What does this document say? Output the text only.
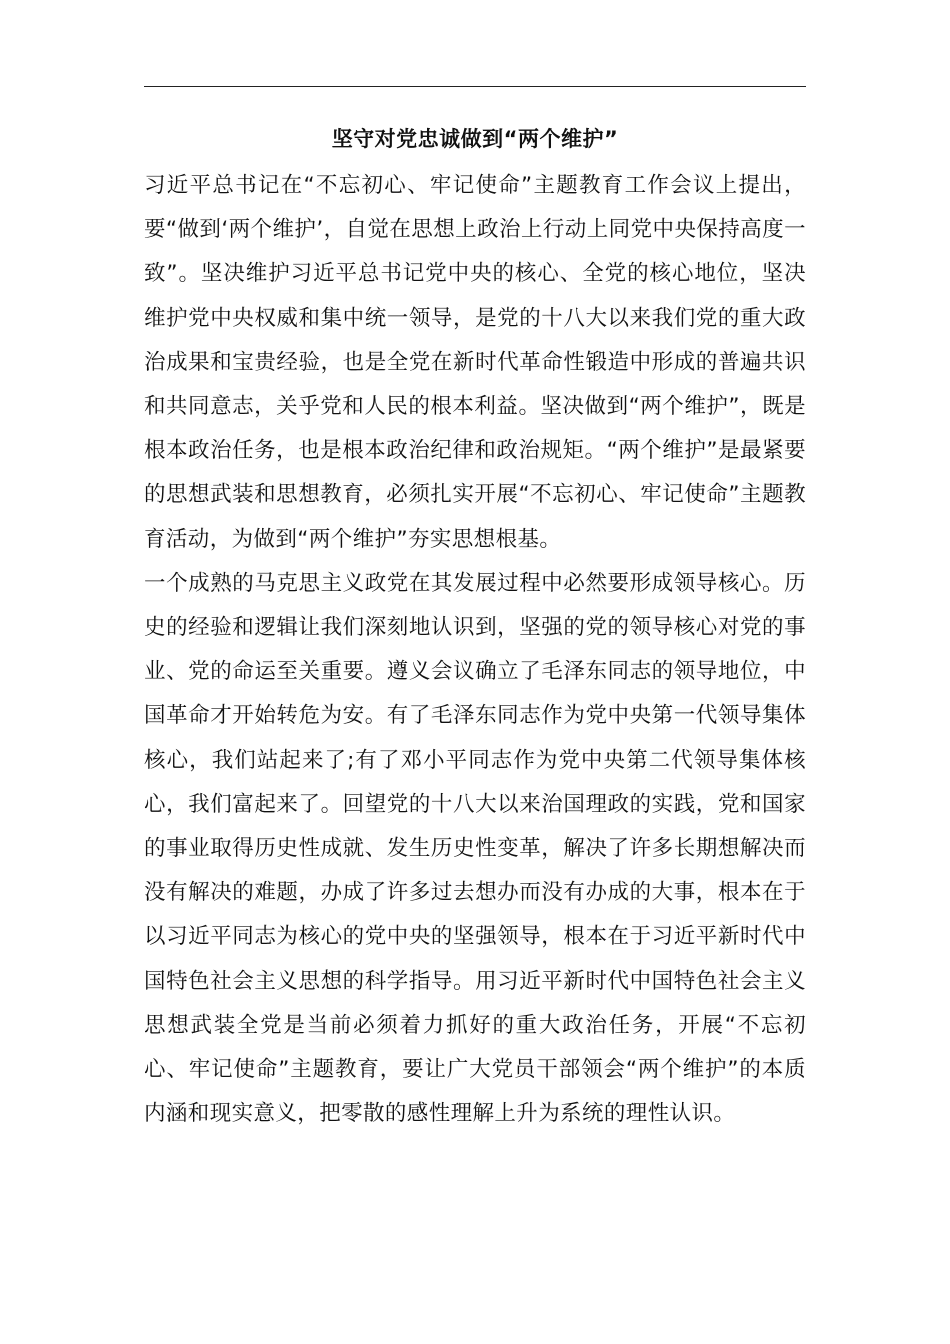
坚守对党忠诚做到“两个维护”

习近平总书记在“不忘初心、牢记使命”主题教育工作会议上提出，要“做到‘两个维护’，自觉在思想上政治上行动上同党中央保持高度一致”。坚决维护习近平总书记党中央的核心、全党的核心地位，坚决维护党中央权威和集中统一领导，是党的十八大以来我们党的重大政治成果和宝贵经验，也是全党在新时代革命性锻造中形成的普遍共识和共同意志，关乎党和人民的根本利益。坚决做到“两个维护”，既是根本政治任务，也是根本政治纪律和政治规矩。“两个维护”是最紧要的思想武装和思想教育，必须扎实开展“不忘初心、牢记使命”主题教育活动，为做到“两个维护”夯实思想根基。

一个成熟的马克思主义政党在其发展过程中必然要形成领导核心。历史的经验和逻辑让我们深刻地认识到，坚强的党的领导核心对党的事业、党的命运至关重要。遵义会议确立了毛泽东同志的领导地位，中国革命才开始转危为安。有了毛泽东同志作为党中央第一代领导集体核心，我们站起来了;有了邓小平同志作为党中央第二代领导集体核心，我们富起来了。回望党的十八大以来治国理政的实践，党和国家的事业取得历史性成就、发生历史性变革，解决了许多长期想解决而没有解决的难题，办成了许多过去想办而没有办成的大事，根本在于以习近平同志为核心的党中央的坚强领导，根本在于习近平新时代中国特色社会主义思想的科学指导。用习近平新时代中国特色社会主义思想武装全党是当前必须着力抓好的重大政治任务，开展“不忘初心、牢记使命”主题教育，要让广大党员干部领会“两个维护”的本质内涵和现实意义，把零散的感性理解上升为系统的理性认识。
